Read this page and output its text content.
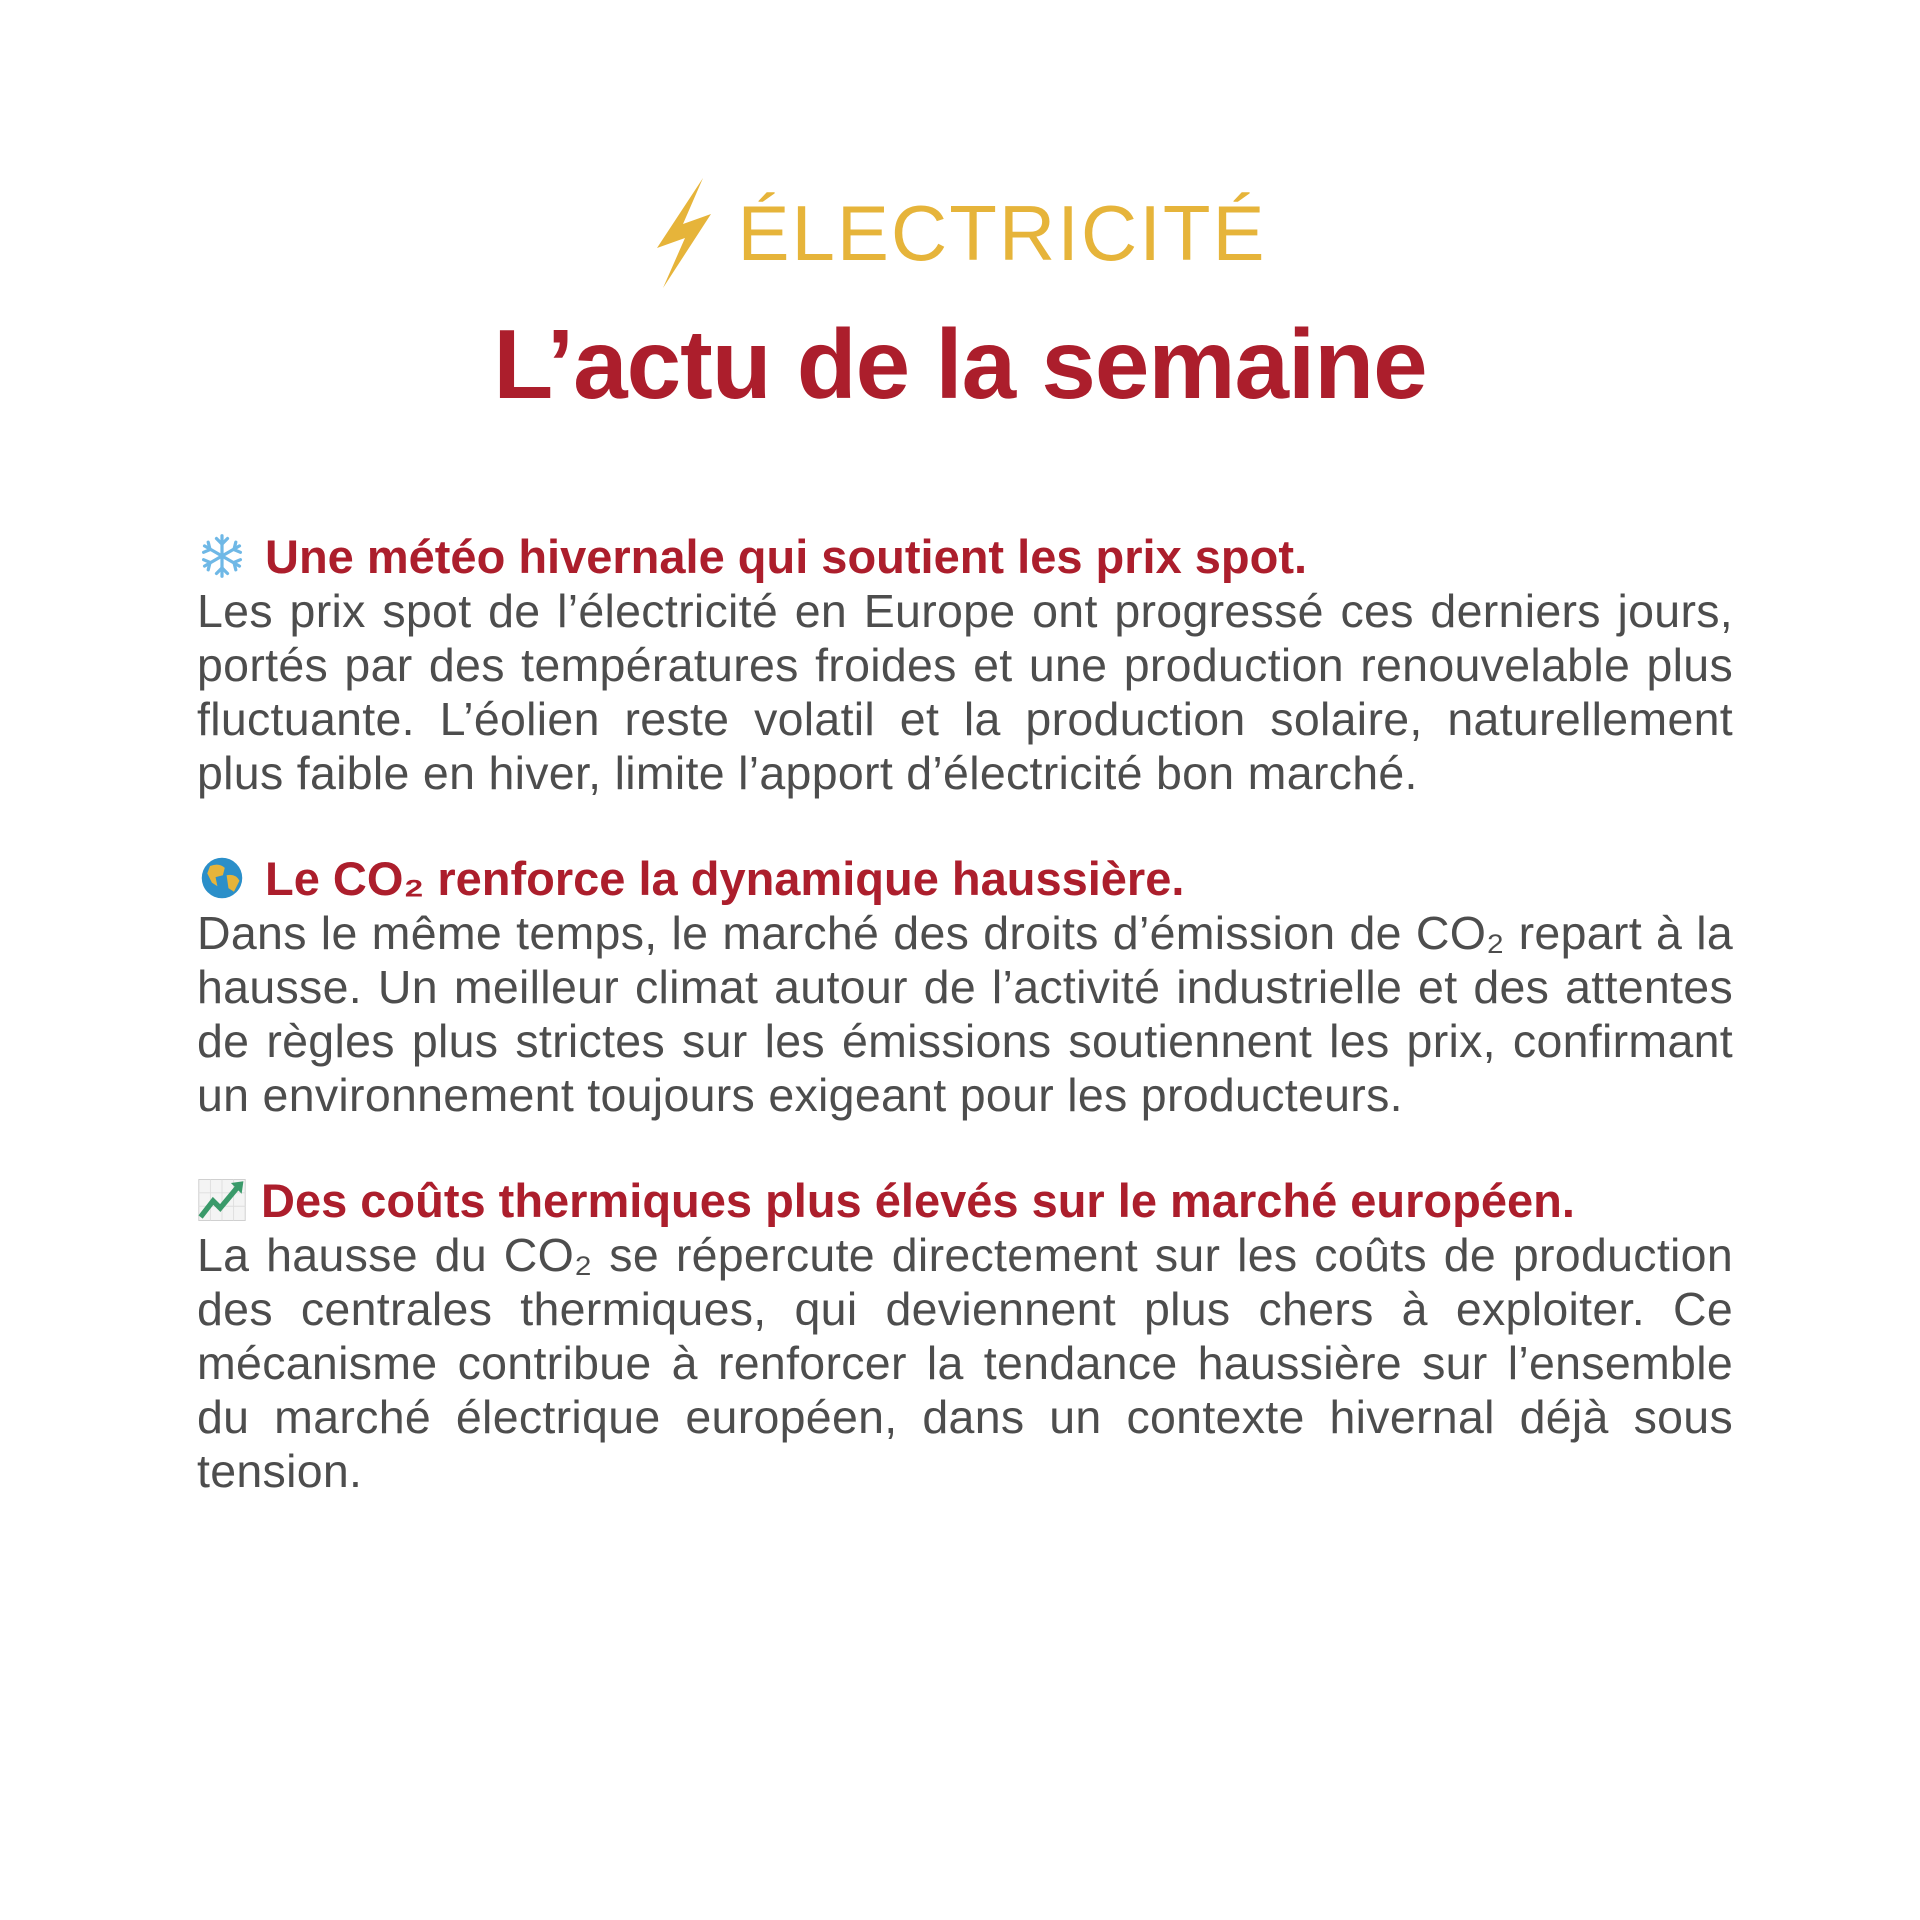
ÉLECTRICITÉ
L’actu de la semaine
Une météo hivernale qui soutient les prix spot.
Les prix spot de l’électricité en Europe ont progressé ces derniers jours, portés par des températures froides et une production renouvelable plus fluctuante. L’éolien reste volatil et la production solaire, naturellement plus faible en hiver, limite l’apport d’électricité bon marché.
Le CO₂ renforce la dynamique haussière.
Dans le même temps, le marché des droits d’émission de CO₂ repart à la hausse. Un meilleur climat autour de l’activité industrielle et des attentes de règles plus strictes sur les émissions soutiennent les prix, confirmant un environnement toujours exigeant pour les producteurs.
Des coûts thermiques plus élevés sur le marché européen.
La hausse du CO₂ se répercute directement sur les coûts de production des centrales thermiques, qui deviennent plus chers à exploiter. Ce mécanisme contribue à renforcer la tendance haussière sur l’ensemble du marché électrique européen, dans un contexte hivernal déjà sous tension.
